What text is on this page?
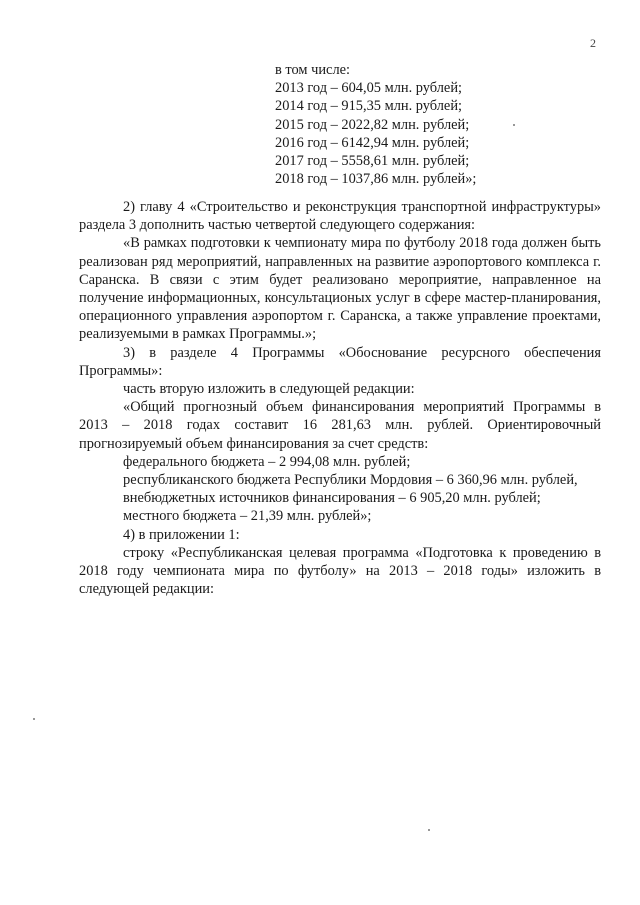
2
в том числе:
2013 год – 604,05 млн. рублей;
2014 год – 915,35 млн. рублей;
2015 год – 2022,82 млн. рублей;
2016 год – 6142,94 млн. рублей;
2017 год – 5558,61 млн. рублей;
2018 год – 1037,86 млн. рублей»;

2) главу 4 «Строительство и реконструкция транспортной инфраструктуры» раздела 3 дополнить частью четвертой следующего содержания:

«В рамках подготовки к чемпионату мира по футболу 2018 года должен быть реализован ряд мероприятий, направленных на развитие аэропортового комплекса г. Саранска. В связи с этим будет реализовано мероприятие, направленное на получение информационных, консультационых услуг в сфере мастер-планирования, операционного управления аэропортом г. Саранска, а также управление проектами, реализуемыми в рамках Программы.»;

3) в разделе 4 Программы «Обоснование ресурсного обеспечения Программы»:

часть вторую изложить в следующей редакции:

«Общий прогнозный объем финансирования мероприятий Программы в 2013 – 2018 годах составит 16 281,63 млн. рублей. Ориентировочный прогнозируемый объем финансирования за счет средств:

федерального бюджета – 2 994,08 млн. рублей;

республиканского бюджета Республики Мордовия – 6 360,96 млн. рублей,

внебюджетных источников финансирования – 6 905,20 млн. рублей;

местного бюджета – 21,39 млн. рублей»;

4) в приложении 1:

строку «Республиканская целевая программа «Подготовка к проведению в 2018 году чемпионата мира по футболу» на 2013 – 2018 годы» изложить в следующей редакции:
